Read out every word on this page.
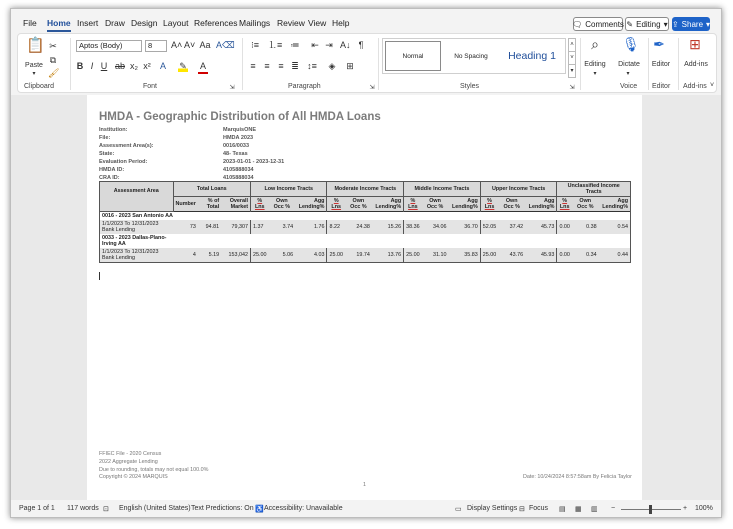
File Home Insert Draw Design Layout References Mailings Review View Help	🗨 Comments ✎ Editing ▾ ⇪ Share ▾
📋
Paste
▾
✂
⧉
🖌
Clipboard
Aptos (Body)	8	A˄ A˅ Aa A⌫
B I U ab x₂ x² A ✎ A
Font	⇲
⁝≡ ⒈≡ ≔ ⇤ ⇥ A↓ ¶
≡ ≡ ≡ ≣ ↕≡ ◈ ⊞
Paragraph	⇲
Normal	No Spacing	Heading 1
˄
˅
▾
Styles	⇲
⌕
Editing
▾
🎙
Dictate
▾
Voice
✒
Editor
Editor
⊞
Add-ins
Add-ins ˅
HMDA - Geographic Distribution of All HMDA Loans
Institution:	MarquisONE
File:	HMDA 2023
Assessment Area(s):	0016/0033
State:	48- Texas
Evaluation Period:	2023-01-01 - 2023-12-31
HMDA ID:	4105888034
CRA ID:	4105888034
Assessment Area	Total Loans			Low Income Tracts			Moderate Income Tracts			Middle Income Tracts			Upper Income Tracts			Unclassified Income Tracts		
	Number	% of Total	Overall Market	% Lns	Own Occ %	Agg Lending%	% Lns	Own Occ %	Agg Lending%	% Lns	Own Occ %	Agg Lending%	% Lns	Own Occ %	Agg Lending%	% Lns	Own Occ %	Agg Lending%
0016 - 2023 San Antonio AA																		
1/1/2023 To 12/31/2023 Bank Lending	73	94.81	79,307	1.37	3.74	1.76	8.22	24.38	15.26	38.36	34.06	36.70	52.05	37.42	45.73	0.00	0.38	0.54
0033 - 2023 Dallas-Plano-Irving AA																		
1/1/2023 To 12/31/2023 Bank Lending	4	5.19	153,042	25.00	5.06	4.03	25.00	19.74	13.76	25.00	31.10	35.83	25.00	43.76	45.93	0.00	0.34	0.44
FFIEC File - 2020 Census
2022 Aggregate Lending
Due to rounding, totals may not equal 100.0%
Copyright © 2024 MARQUIS	Date: 10/24/2024 8:57:58am By Felicia Taylor
1
Page 1 of 1 117 words ⊡ English (United States) Text Predictions: On ♿ Accessibility: Unavailable	▭ Display Settings ⊟ Focus ▤ ▦ ▥ −	+ 100%
